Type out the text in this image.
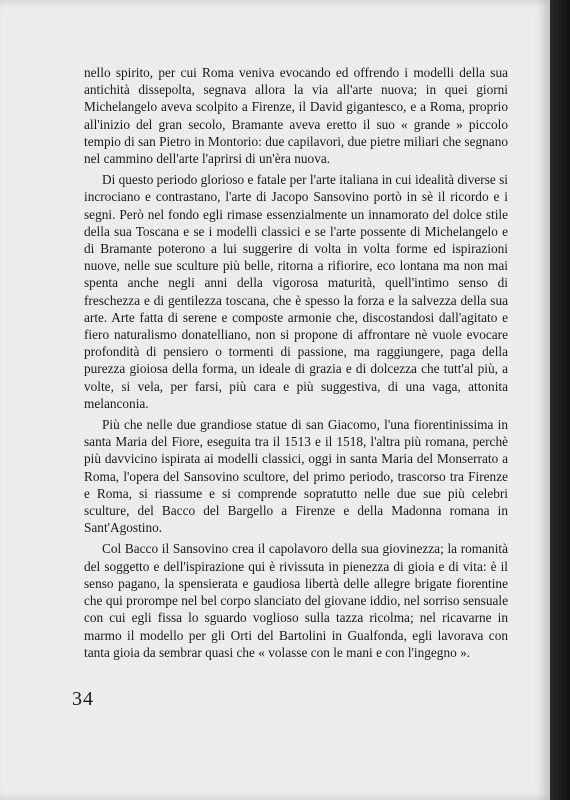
nello spirito, per cui Roma veniva evocando ed offrendo i modelli della sua antichità dissepolta, segnava allora la via all'arte nuova; in quei giorni Michelangelo aveva scolpito a Firenze, il David gigantesco, e a Roma, proprio all'inizio del gran secolo, Bramante aveva eretto il suo « grande » piccolo tempio di san Pietro in Montorio: due capilavori, due pietre miliari che segnano nel cammino dell'arte l'aprirsi di un'èra nuova.

Di questo periodo glorioso e fatale per l'arte italiana in cui idealità diverse si incrociano e contrastano, l'arte di Jacopo Sansovino portò in sè il ricordo e i segni. Però nel fondo egli rimase essenzialmente un innamorato del dolce stile della sua Toscana e se i modelli classici e se l'arte possente di Michelangelo e di Bramante poterono a lui suggerire di volta in volta forme ed ispirazioni nuove, nelle sue sculture più belle, ritorna a rifiorire, eco lontana ma non mai spenta anche negli anni della vigorosa maturità, quell'intimo senso di freschezza e di gentilezza toscana, che è spesso la forza e la salvezza della sua arte. Arte fatta di serene e composte armonie che, discostandosi dall'agitato e fiero naturalismo donatelliano, non si propone di affrontare nè vuole evocare profondità di pensiero o tormenti di passione, ma raggiungere, paga della purezza gioiosa della forma, un ideale di grazia e di dolcezza che tutt'al più, a volte, si vela, per farsi, più cara e più suggestiva, di una vaga, attonita melanconia.

Più che nelle due grandiose statue di san Giacomo, l'una fiorentinissima in santa Maria del Fiore, eseguita tra il 1513 e il 1518, l'altra più romana, perchè più davvicino ispirata ai modelli classici, oggi in santa Maria del Monserrato a Roma, l'opera del Sansovino scultore, del primo periodo, trascorso tra Firenze e Roma, si riassume e si comprende sopratutto nelle due sue più celebri sculture, del Bacco del Bargello a Firenze e della Madonna romana in Sant'Agostino.

Col Bacco il Sansovino crea il capolavoro della sua giovinezza; la romanità del soggetto e dell'ispirazione qui è rivissuta in pienezza di gioia e di vita: è il senso pagano, la spensierata e gaudiosa libertà delle allegre brigate fiorentine che qui prorompe nel bel corpo slanciato del giovane iddio, nel sorriso sensuale con cui egli fissa lo sguardo voglioso sulla tazza ricolma; nel ricavarne in marmo il modello per gli Orti del Bartolini in Gualfonda, egli lavorava con tanta gioia da sembrar quasi che « volasse con le mani e con l'ingegno ».

34
